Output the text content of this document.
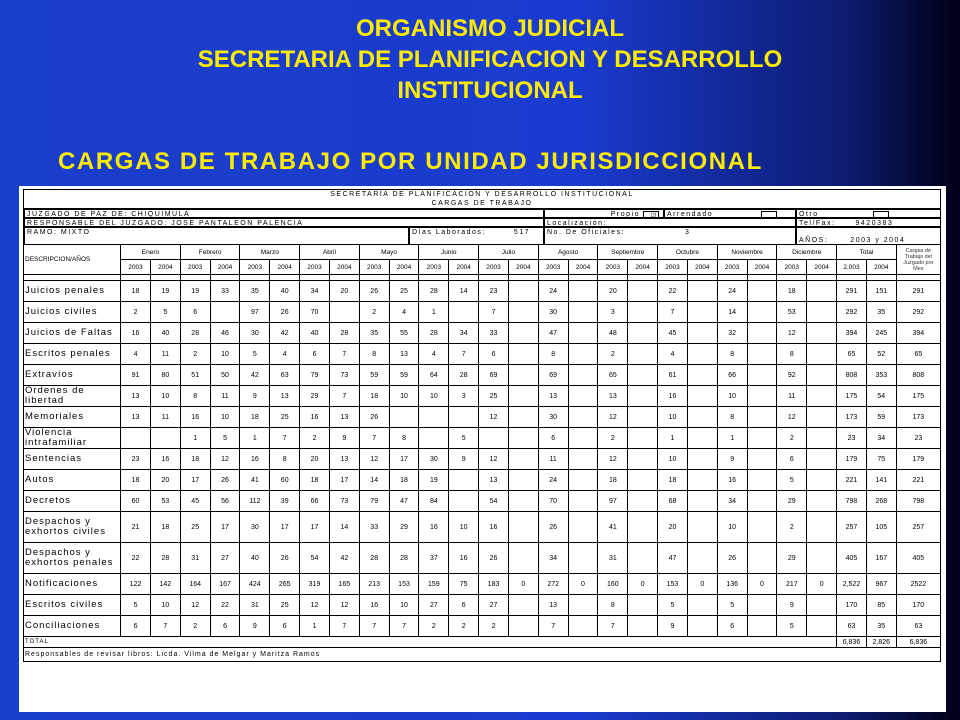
ORGANISMO JUDICIAL
SECRETARIA DE PLANIFICACION Y DESARROLLO
INSTITUCIONAL
CARGAS DE TRABAJO POR UNIDAD JURISDICCIONAL
SECRETARÍA DE PLANIFICACIÓN Y DESARROLLO INSTITUCIONAL
CARGAS DE TRABAJO
JUZGADO DE PAZ DE: CHIQUIMULA	Propio ☑	Arrendado	Otro
RESPONSABLE DEL JUZGADO: JOSE PANTALEON PALENCIA	Localización:	Tel/Fax:	9420383
RAMO: MIXTO	Días Laborados:	517	No. De Oficiales:	3
AÑOS:	2003 y 2004
DESCRIPCION/AÑOS	Enero		Febrero		Marzo		Abril		Mayo		Junio		Julio		Agosto		Septiembre		Octubre		Noviembre		Diciembre		Total		Cargas de Trabajo del Juzgado por Mes
	2003	2004	2003	2004	2003	2004	2003	2004	2003	2004	2003	2004	2003	2004	2003	2004	2003	2004	2003	2004	2003	2004	2003	2004	2,003	2004	

Juicios penales	18	19	19	33	35	40	34	20	26	25	28	14	23		24		20		22		24		18		291	151	291
Juicios civiles	2	5	6		97	26	70		2	4	1		7		30		3		7		14		53		292	35	292
Juicios de Faltas	16	40	28	46	30	42	40	28	35	55	28	34	33		47		48		45		32		12		394	245	394
Escritos penales	4	11	2	10	5	4	6	7	8	13	4	7	6		8		2		4		8		8		65	52	65
Extravíos	91	80	51	50	42	63	79	73	59	59	64	28	69		69		65		61		66		92		808	353	808
Ordenes de libertad	13	10	8	11	9	13	29	7	18	10	10	3	25		13		13		16		10		11		175	54	175
Memoriales	13	11	16	10	18	25	16	13	26				12		30		12		10		8		12		173	59	173
Violencia intrafamiliar			1	5	1	7	2	9	7	8		5			6		2		1		1		2		23	34	23
Sentencias	23	16	18	12	16	8	20	13	12	17	30	9	12		11		12		10		9		6		179	75	179
Autos	18	20	17	26	41	60	18	17	14	18	19		13		24		18		18		16		5		221	141	221
Decretos	60	53	45	56	112	39	66	73	79	47	84		54		70		97		68		34		29		798	268	798
Despachos y exhortos civiles	21	18	25	17	30	17	17	14	33	29	16	10	16		26		41		20		10		2		257	105	257
Despachos y exhortos penales	22	28	31	27	40	26	54	42	28	28	37	16	26		34		31		47		26		29		405	167	405
Notificaciones	122	142	164	167	424	265	319	165	213	153	159	75	183	0	272	0	160	0	153	0	136	0	217	0	2,522	967	2522
Escritos civiles	5	10	12	22	31	25	12	12	16	10	27	6	27		13		8		5		5		9		170	85	170
Conciliaciones	6	7	2	6	9	6	1	7	7	7	2	2	2		7		7		9		6		5		63	35	63
TOTAL																									6,836	2,826	6,836
Responsables de revisar libros: Licda. Vilma de Melgar y Maritza Ramos																											
